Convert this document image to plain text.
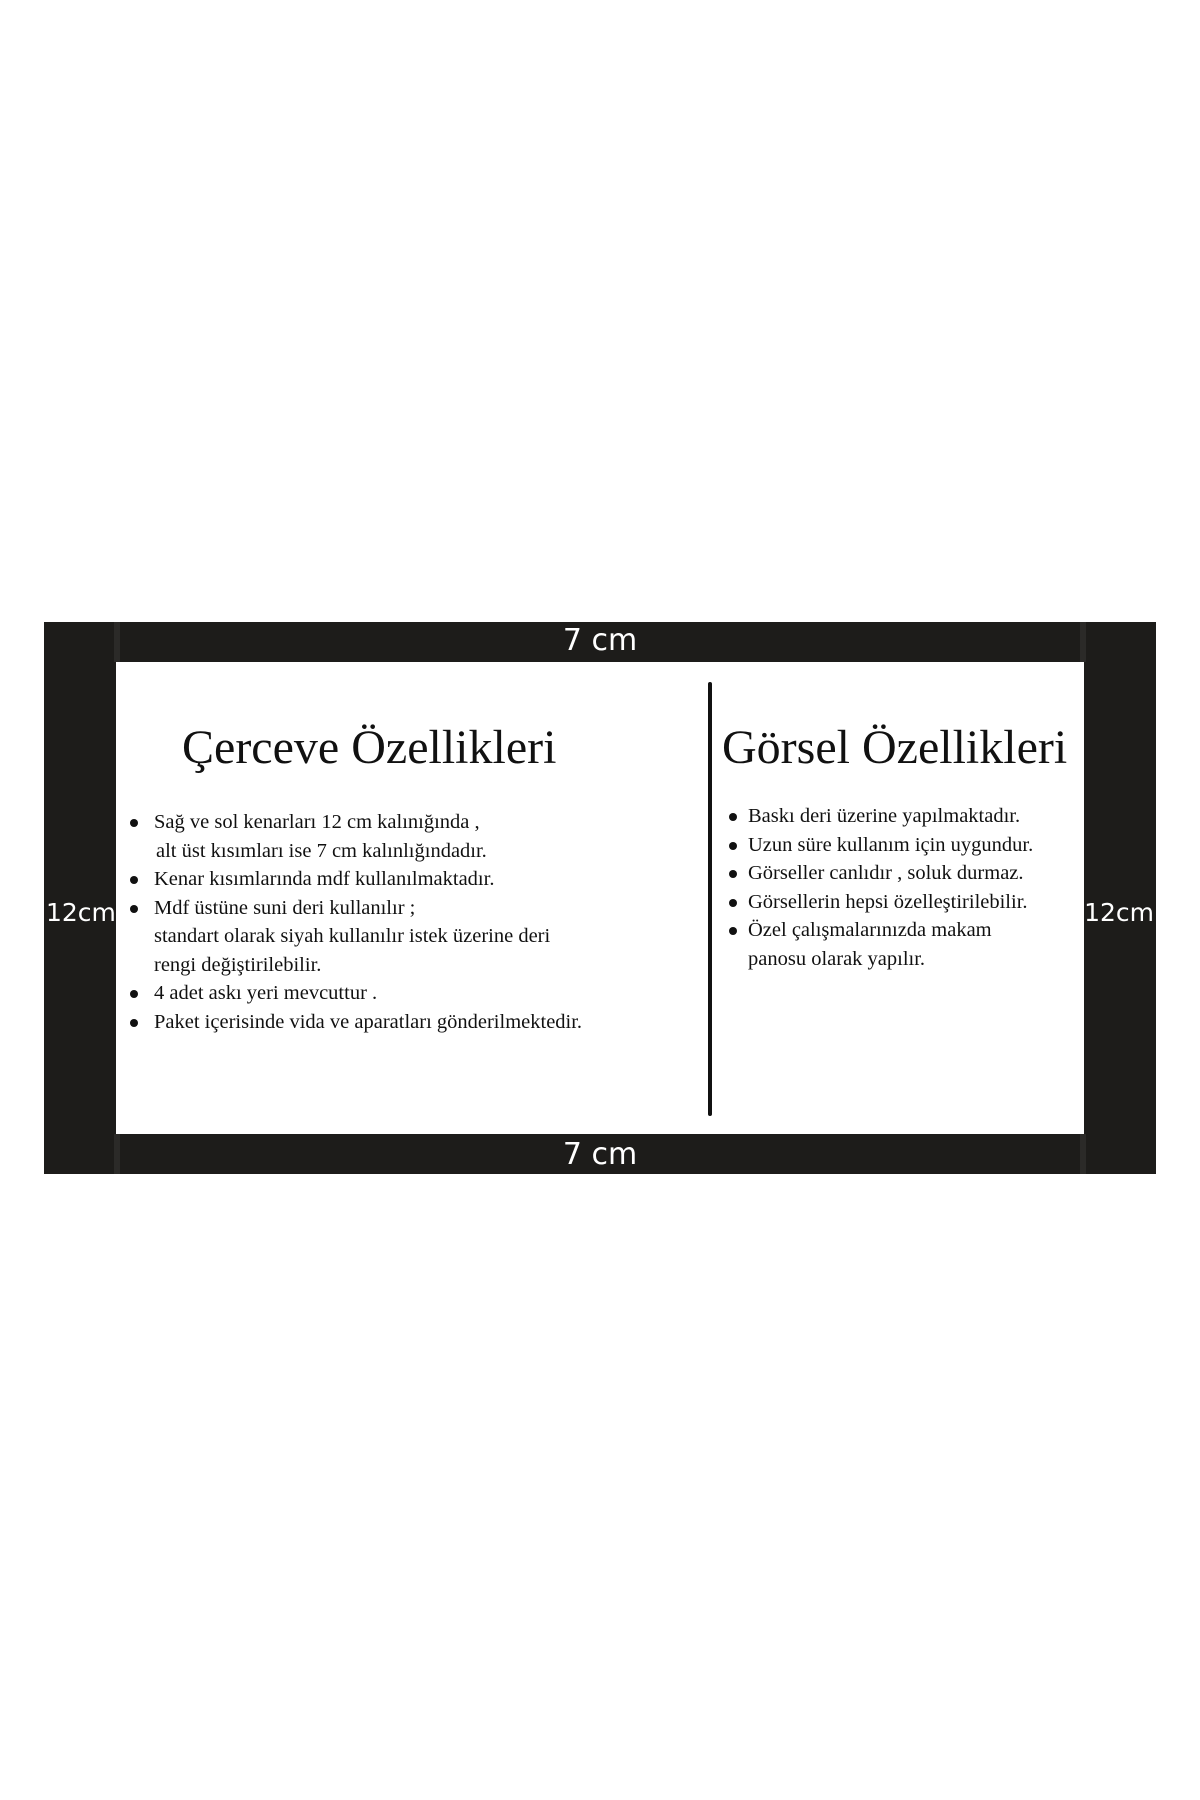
7 cm
7 cm
12cm	12cm
Çerceve Özellikleri
Sağ ve sol kenarları 12 cm kalınığında ,
alt üst kısımları ise 7 cm kalınlığındadır.
Kenar kısımlarında mdf kullanılmaktadır.
Mdf üstüne suni deri kullanılır ;
standart olarak siyah kullanılır istek üzerine deri
rengi değiştirilebilir.
4 adet askı yeri mevcuttur .
Paket içerisinde vida ve aparatları gönderilmektedir.
Görsel Özellikleri
Baskı deri üzerine yapılmaktadır.
Uzun süre kullanım için uygundur.
Görseller canlıdır , soluk durmaz.
Görsellerin hepsi özelleştirilebilir.
Özel çalışmalarınızda makam
panosu olarak yapılır.
